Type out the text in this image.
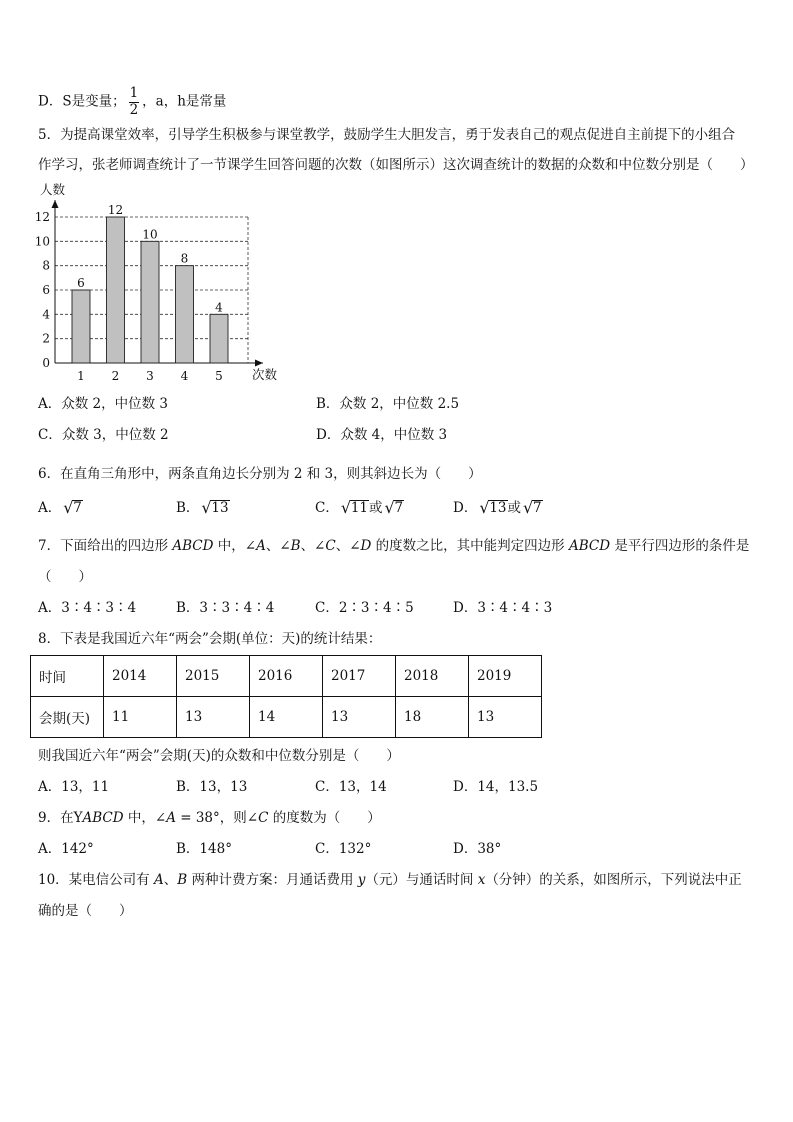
D．S是变量； $\frac{1}{2}$ ，a，h是常量
5．为提高课堂效率，引导学生积极参与课堂教学，鼓励学生大胆发言，勇于发表自己的观点促进自主前提下的小组合
作学习，张老师调查统计了一节课学生回答问题的次数（如图所示）这次调查统计的数据的众数和中位数分别是（　　）
0
2
4
6
8
10
12
人数
次数
6
1
12
2
10
3
8
4
4
5
A．众数 2，中位数 3	B．众数 2，中位数 2.5
C．众数 3，中位数 2	D．众数 4，中位数 3
6．在直角三角形中，两条直角边长分别为 2 和 3，则其斜边长为（　　）
A． √ 7	B． √ 13	C． √ 11或 √ 7	D． √ 13或 √ 7
7．下面给出的四边形 ABCD 中，∠A、∠B、∠C、∠D 的度数之比，其中能判定四边形 ABCD 是平行四边形的条件是
（　　）
A．3∶4∶3∶4	B．3∶3∶4∶4	C．2∶3∶4∶5	D．3∶4∶4∶3
8．下表是我国近六年“两会”会期(单位：天)的统计结果：
时间	2014	2015	2016	2017	2018	2019
会期(天)	11	13	14	13	18	13
则我国近六年“两会”会期(天)的众数和中位数分别是（　　）
A．13，11	B．13，13	C．13，14	D．14，13.5
9．在YABCD 中，∠A = 38°，则∠C 的度数为（　　）
A．142°	B．148°	C．132°	D．38°
10．某电信公司有 A、B 两种计费方案：月通话费用 y（元）与通话时间 x（分钟）的关系，如图所示，下列说法中正
确的是（　　）
